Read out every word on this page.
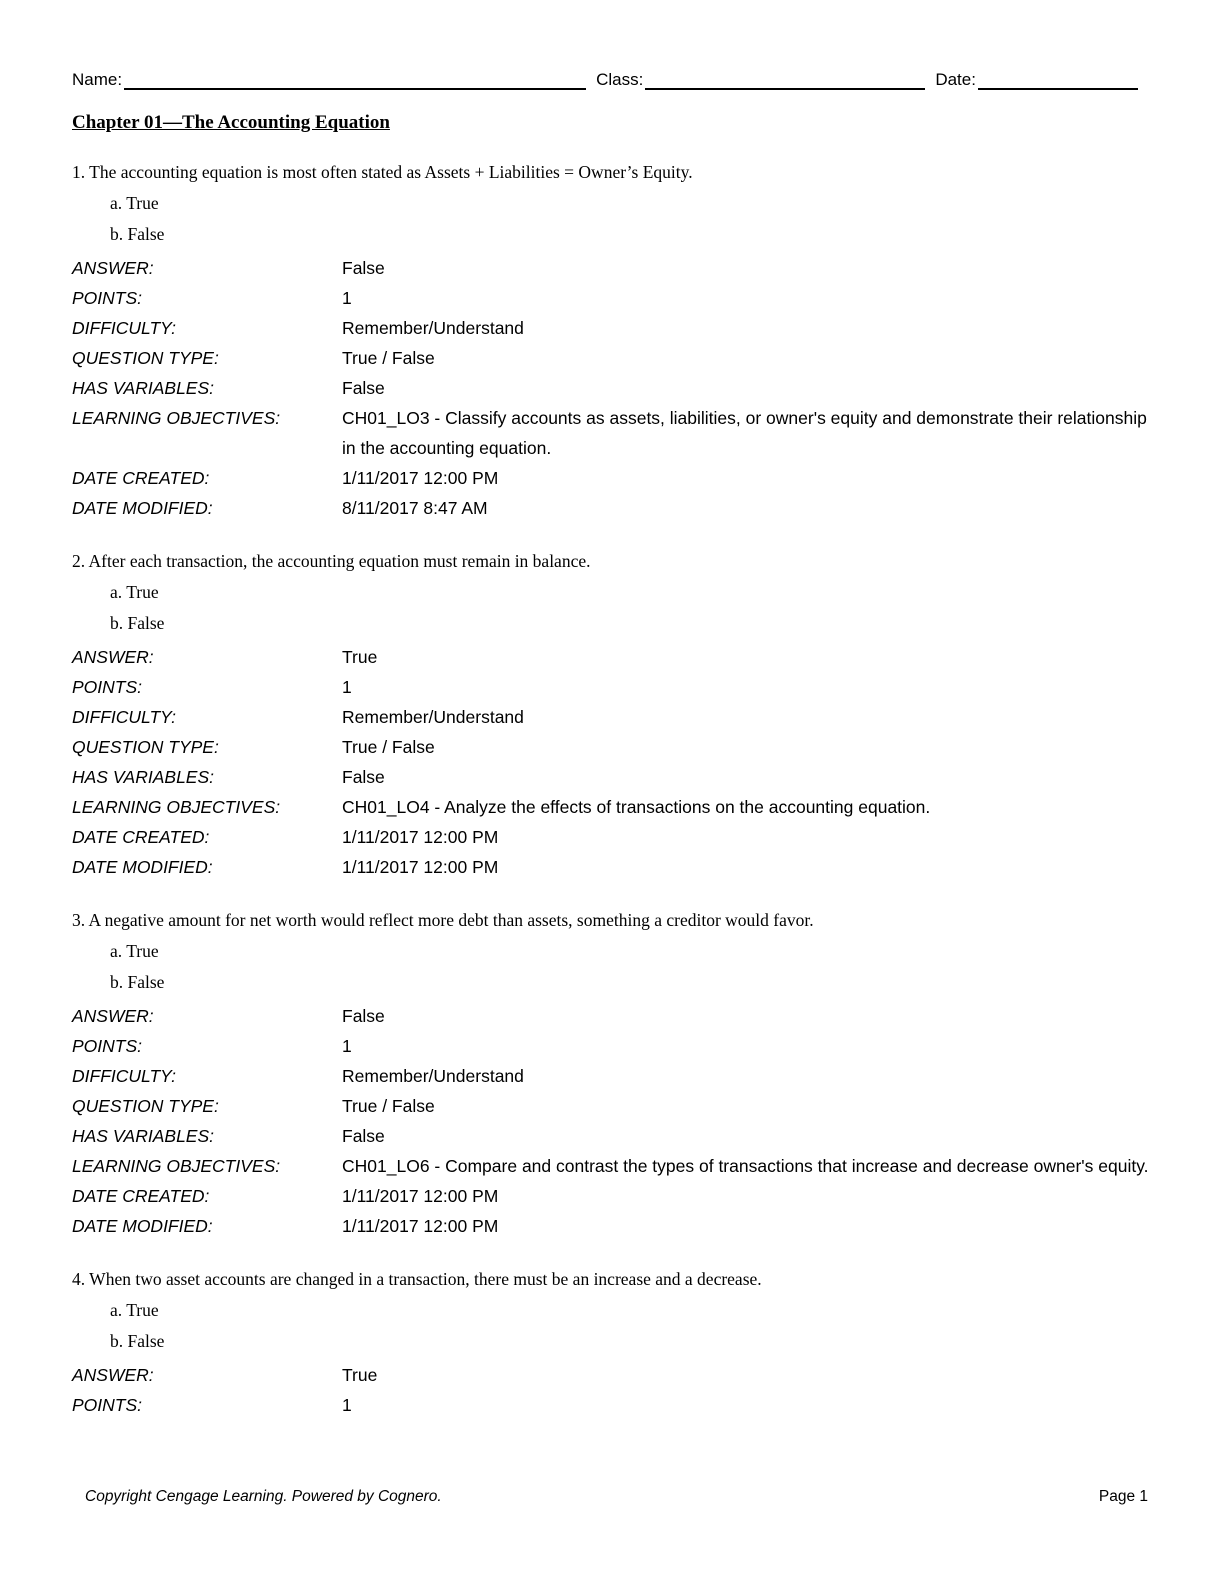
Name:	Class:	Date:
Chapter 01—The Accounting Equation
1. The accounting equation is most often stated as Assets + Liabilities = Owner’s Equity.
a. True
b. False
ANSWER:	False
POINTS:	1
DIFFICULTY:	Remember/Understand
QUESTION TYPE:	True / False
HAS VARIABLES:	False
LEARNING OBJECTIVES:	CH01_LO3 - Classify accounts as assets, liabilities, or owner's equity and demonstrate their relationship in the accounting equation.
DATE CREATED:	1/11/2017 12:00 PM
DATE MODIFIED:	8/11/2017 8:47 AM
2. After each transaction, the accounting equation must remain in balance.
a. True
b. False
ANSWER:	True
POINTS:	1
DIFFICULTY:	Remember/Understand
QUESTION TYPE:	True / False
HAS VARIABLES:	False
LEARNING OBJECTIVES:	CH01_LO4 - Analyze the effects of transactions on the accounting equation.
DATE CREATED:	1/11/2017 12:00 PM
DATE MODIFIED:	1/11/2017 12:00 PM
3. A negative amount for net worth would reflect more debt than assets, something a creditor would favor.
a. True
b. False
ANSWER:	False
POINTS:	1
DIFFICULTY:	Remember/Understand
QUESTION TYPE:	True / False
HAS VARIABLES:	False
LEARNING OBJECTIVES:	CH01_LO6 - Compare and contrast the types of transactions that increase and decrease owner's equity.
DATE CREATED:	1/11/2017 12:00 PM
DATE MODIFIED:	1/11/2017 12:00 PM
4. When two asset accounts are changed in a transaction, there must be an increase and a decrease.
a. True
b. False
ANSWER:	True
POINTS:	1
Copyright Cengage Learning. Powered by Cognero.	Page 1
